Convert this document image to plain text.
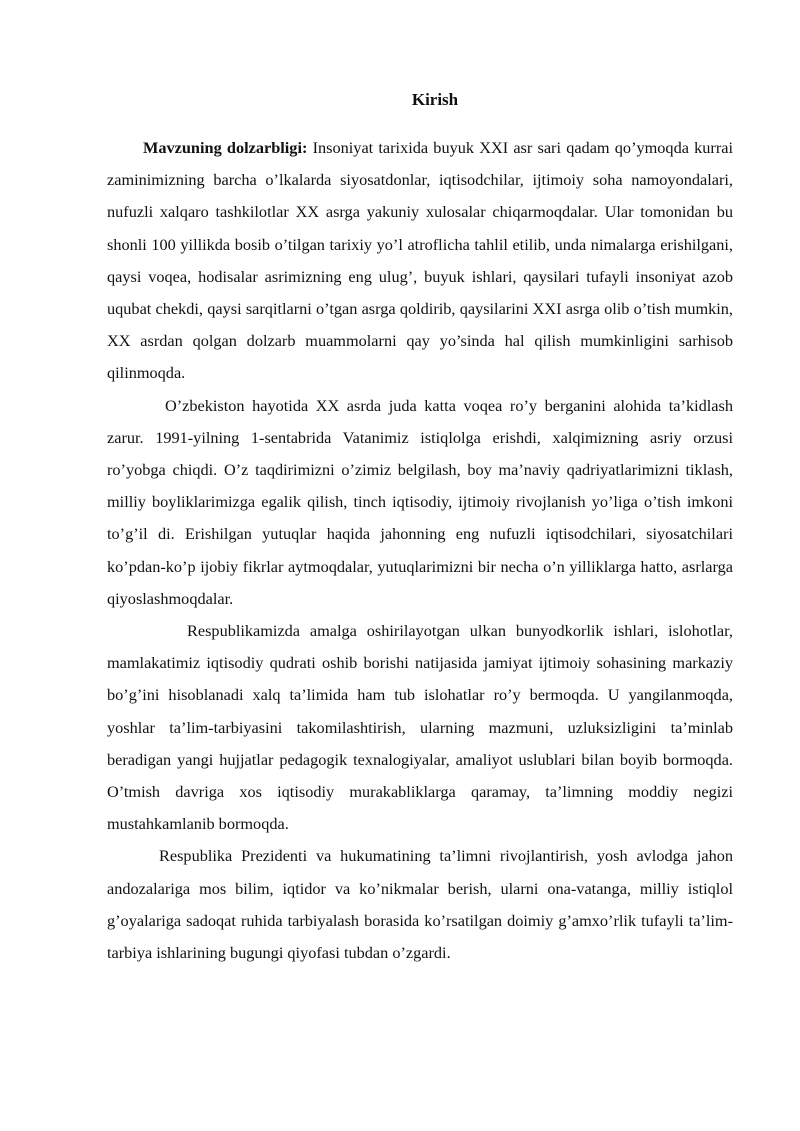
Kirish

Mavzuning dolzarbligi: Insoniyat tarixida buyuk XXI asr sari qadam qo’ymoqda kurrai zaminimizning barcha o’lkalarda siyosatdonlar, iqtisodchilar, ijtimoiy soha namoyondalari, nufuzli xalqaro tashkilotlar XX asrga yakuniy xulosalar chiqarmoqdalar. Ular tomonidan bu shonli 100 yillikda bosib o’tilgan tarixiy yo’l atroflicha tahlil etilib, unda nimalarga erishilgani, qaysi voqea, hodisalar asrimizning eng ulug’, buyuk ishlari, qaysilari tufayli insoniyat azob uqubat chekdi, qaysi sarqitlarni o’tgan asrga qoldirib, qaysilarini XXI asrga olib o’tish mumkin, XX asrdan qolgan dolzarb muammolarni qay yo’sinda hal qilish mumkinligini sarhisob qilinmoqda.

O’zbekiston hayotida XX asrda juda katta voqea ro’y berganini alohida ta’kidlash zarur. 1991-yilning 1-sentabrida Vatanimiz istiqlolga erishdi, xalqimizning asriy orzusi ro’yobga chiqdi. O’z taqdirimizni o’zimiz belgilash, boy ma’naviy qadriyatlarimizni tiklash, milliy boyliklarimizga egalik qilish, tinch iqtisodiy, ijtimoiy rivojlanish yo’liga o’tish imkoni to’g’il di. Erishilgan yutuqlar haqida jahonning eng nufuzli iqtisodchilari, siyosatchilari ko’pdan-ko’p ijobiy fikrlar aytmoqdalar, yutuqlarimizni bir necha o’n yilliklarga hatto, asrlarga qiyoslashmoqdalar.

Respublikamizda amalga oshirilayotgan ulkan bunyodkorlik ishlari, islohotlar, mamlakatimiz iqtisodiy qudrati oshib borishi natijasida jamiyat ijtimoiy sohasining markaziy bo’g’ini hisoblanadi xalq ta’limida ham tub islohatlar ro’y bermoqda. U yangilanmoqda, yoshlar ta’lim-tarbiyasini takomilashtirish, ularning mazmuni, uzluksizligini ta’minlab beradigan yangi hujjatlar pedagogik texnalogiyalar, amaliyot uslublari bilan boyib bormoqda. O’tmish davriga xos iqtisodiy murakabliklarga qaramay, ta’limning moddiy negizi mustahkamlanib bormoqda.

Respublika Prezidenti va hukumatining ta’limni rivojlantirish, yosh avlodga jahon andozalariga mos bilim, iqtidor va ko’nikmalar berish, ularni ona-vatanga, milliy istiqlol g’oyalariga sadoqat ruhida tarbiyalash borasida ko’rsatilgan doimiy g’amxo’rlik tufayli ta’lim-tarbiya ishlarining bugungi qiyofasi tubdan o’zgardi.
